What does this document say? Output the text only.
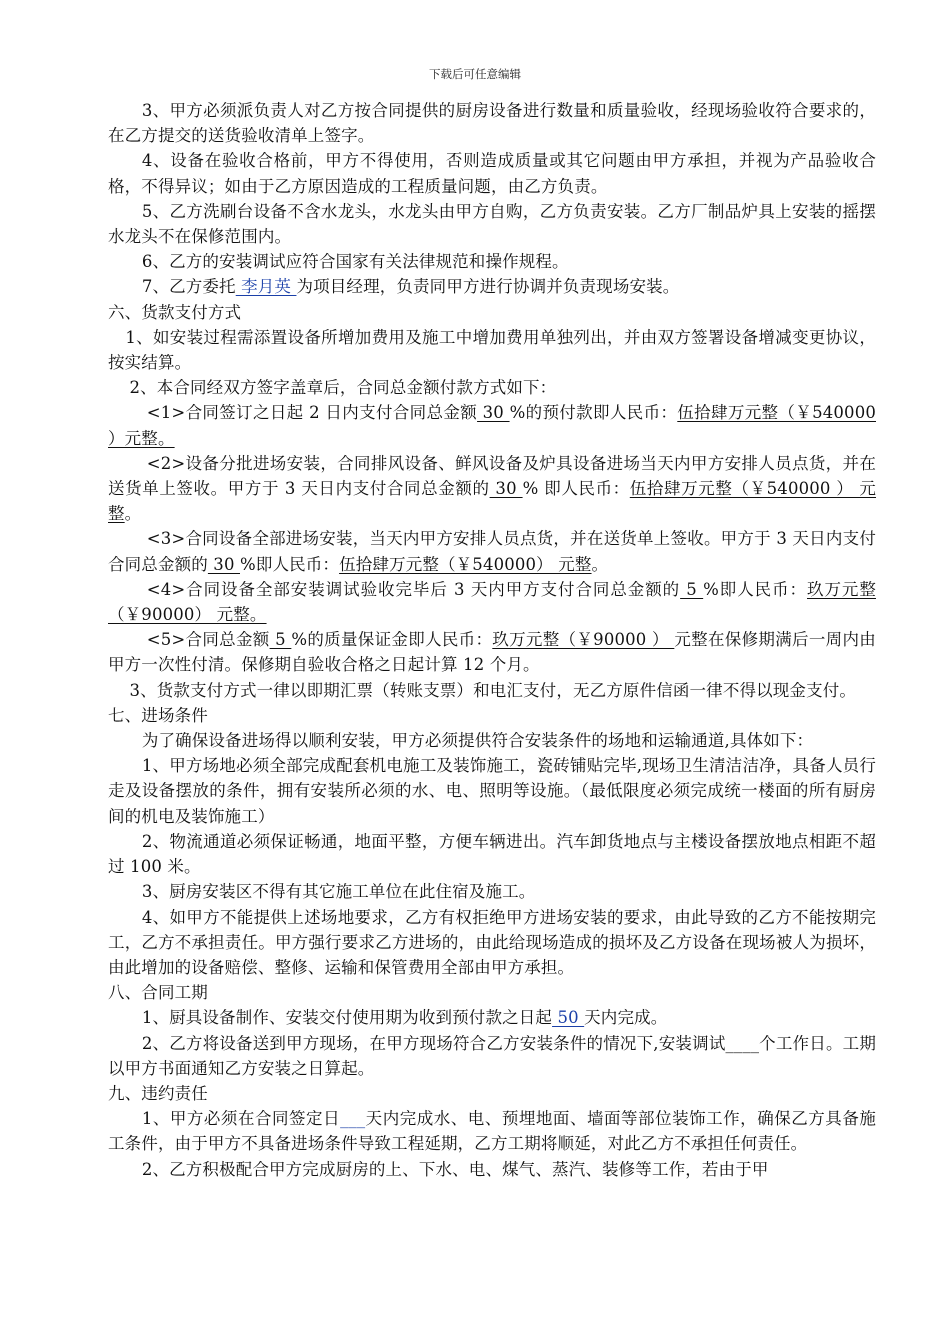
下载后可任意编辑

3、甲方必须派负责人对乙方按合同提供的厨房设备进行数量和质量验收，经现场验收符合要求的，在乙方提交的送货验收清单上签字。

4、设备在验收合格前，甲方不得使用，否则造成质量或其它问题由甲方承担，并视为产品验收合格，不得异议；如由于乙方原因造成的工程质量问题，由乙方负责。

5、乙方洗刷台设备不含水龙头，水龙头由甲方自购，乙方负责安装。乙方厂制品炉具上安装的摇摆水龙头不在保修范围内。

6、乙方的安装调试应符合国家有关法律规范和操作规程。

7、乙方委托 李月英 为项目经理，负责同甲方进行协调并负责现场安装。

六、货款支付方式

1、如安装过程需添置设备所增加费用及施工中增加费用单独列出，并由双方签署设备增减变更协议，按实结算。

2、本合同经双方签字盖章后，合同总金额付款方式如下：

<1>合同签订之日起 2 日内支付合同总金额 30 %的预付款即人民币：伍拾肆万元整（￥540000 ）元整。

<2>设备分批进场安装，合同排风设备、鲜风设备及炉具设备进场当天内甲方安排人员点货，并在送货单上签收。甲方于 3 天日内支付合同总金额的 30 % 即人民币：伍拾肆万元整（￥540000 ） 元整。

<3>合同设备全部进场安装，当天内甲方安排人员点货，并在送货单上签收。甲方于 3 天日内支付合同总金额的 30 %即人民币：伍拾肆万元整（￥540000） 元整。

<4>合同设备全部安装调试验收完毕后 3 天内甲方支付合同总金额的 5 %即人民币：玖万元整（￥90000） 元整。

<5>合同总金额 5 %的质量保证金即人民币：玖万元整（￥90000 ） 元整在保修期满后一周内由甲方一次性付清。保修期自验收合格之日起计算 12 个月。

3、货款支付方式一律以即期汇票（转账支票）和电汇支付，无乙方原件信函一律不得以现金支付。

七、进场条件

为了确保设备进场得以顺利安装，甲方必须提供符合安装条件的场地和运输通道,具体如下：

1、甲方场地必须全部完成配套机电施工及装饰施工，瓷砖铺贴完毕,现场卫生清洁洁净，具备人员行走及设备摆放的条件，拥有安装所必须的水、电、照明等设施。（最低限度必须完成统一楼面的所有厨房间的机电及装饰施工）

2、物流通道必须保证畅通，地面平整，方便车辆进出。汽车卸货地点与主楼设备摆放地点相距不超过 100 米。

3、厨房安装区不得有其它施工单位在此住宿及施工。

4、如甲方不能提供上述场地要求，乙方有权拒绝甲方进场安装的要求，由此导致的乙方不能按期完工，乙方不承担责任。甲方强行要求乙方进场的，由此给现场造成的损坏及乙方设备在现场被人为损坏，由此增加的设备赔偿、整修、运输和保管费用全部由甲方承担。

八、合同工期

1、厨具设备制作、安装交付使用期为收到预付款之日起 50 天内完成。

2、乙方将设备送到甲方现场，在甲方现场符合乙方安装条件的情况下,安装调试____个工作日。工期以甲方书面通知乙方安装之日算起。

九、违约责任

1、甲方必须在合同签定日___天内完成水、电、预埋地面、墙面等部位装饰工作，确保乙方具备施工条件，由于甲方不具备进场条件导致工程延期，乙方工期将顺延，对此乙方不承担任何责任。

2、乙方积极配合甲方完成厨房的上、下水、电、煤气、蒸汽、装修等工作，若由于甲
